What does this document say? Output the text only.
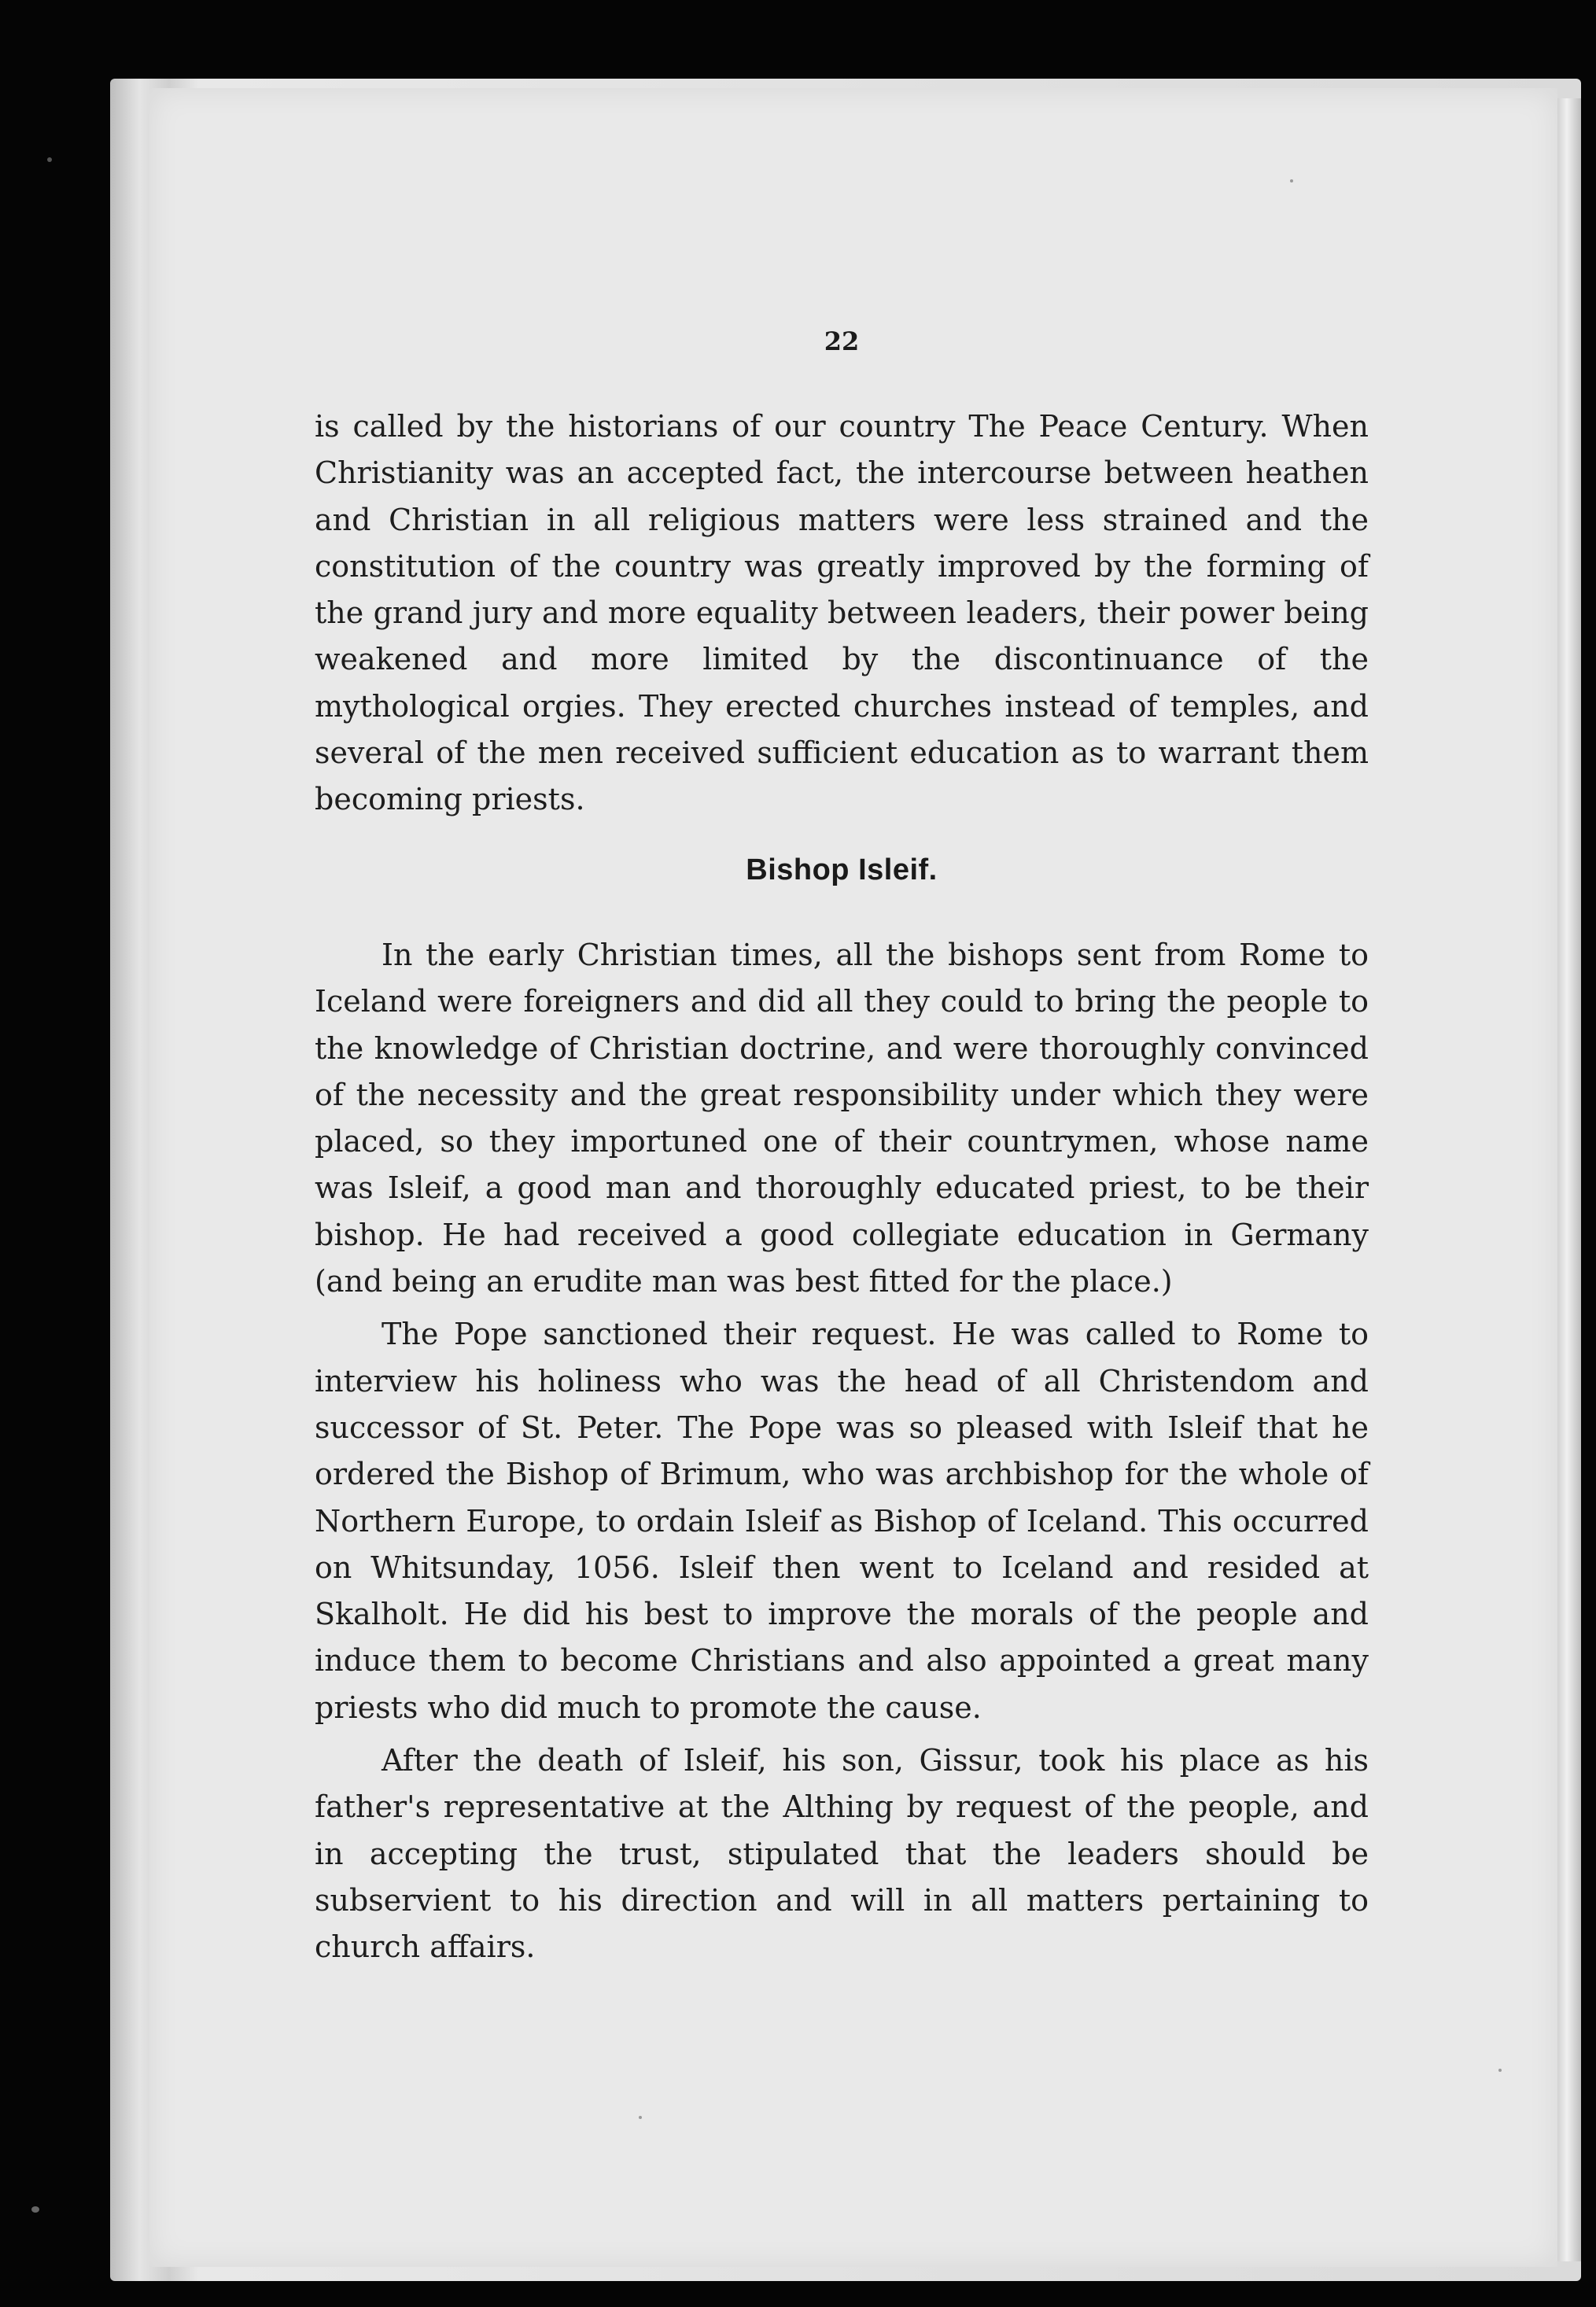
22

is called by the historians of our country The Peace Century. When Christianity was an accepted fact, the intercourse between heathen and Christian in all religious matters were less strained and the constitution of the country was greatly improved by the forming of the grand jury and more equality between leaders, their power being weakened and more limited by the discontinuance of the mythological orgies. They erected churches instead of temples, and several of the men received sufficient education as to warrant them becoming priests.

Bishop Isleif.

In the early Christian times, all the bishops sent from Rome to Iceland were foreigners and did all they could to bring the people to the knowledge of Christian doctrine, and were thoroughly convinced of the necessity and the great responsibility under which they were placed, so they importuned one of their countrymen, whose name was Isleif, a good man and thoroughly educated priest, to be their bishop. He had received a good collegiate education in Germany (and being an erudite man was best fitted for the place.)

The Pope sanctioned their request. He was called to Rome to interview his holiness who was the head of all Christendom and successor of St. Peter. The Pope was so pleased with Isleif that he ordered the Bishop of Brimum, who was archbishop for the whole of Northern Europe, to ordain Isleif as Bishop of Iceland. This occurred on Whitsunday, 1056. Isleif then went to Iceland and resided at Skalholt. He did his best to improve the morals of the people and induce them to become Christians and also appointed a great many priests who did much to promote the cause.

After the death of Isleif, his son, Gissur, took his place as his father's representative at the Althing by request of the people, and in accepting the trust, stipulated that the leaders should be subservient to his direction and will in all matters pertaining to church affairs.
